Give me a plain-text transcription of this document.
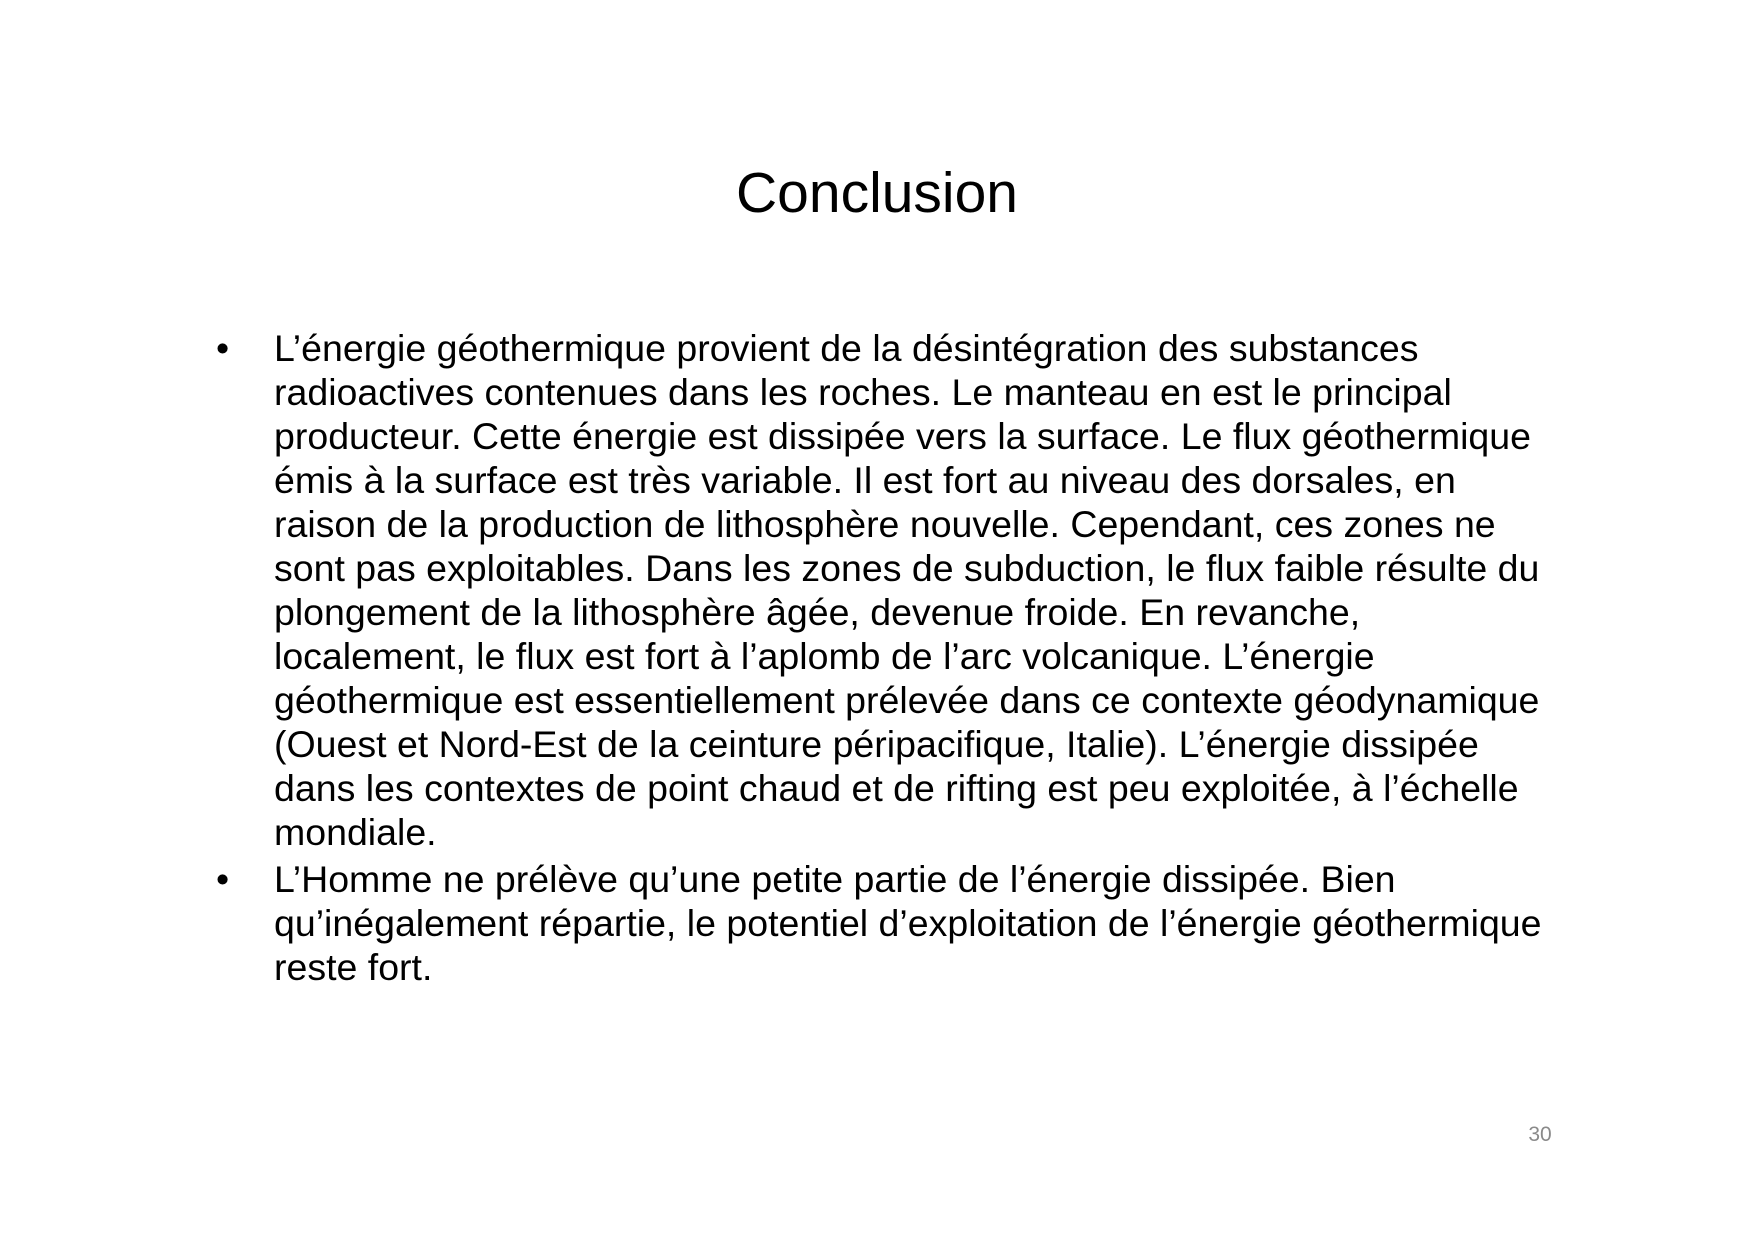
Conclusion
•	L’énergie géothermique provient de la désintégration des substances radioactives contenues dans les roches. Le manteau en est le principal producteur. Cette énergie est dissipée vers la surface. Le flux géothermique émis à la surface est très variable. Il est fort au niveau des dorsales, en raison de la production de lithosphère nouvelle. Cependant, ces zones ne sont pas exploitables. Dans les zones de subduction, le flux faible résulte du plongement de la lithosphère âgée, devenue froide. En revanche, localement, le flux est fort à l’aplomb de l’arc volcanique. L’énergie géothermique est essentiellement prélevée dans ce contexte géodynamique (Ouest et Nord-Est de la ceinture péripacifique, Italie). L’énergie dissipée dans les contextes de point chaud et de rifting est peu exploitée, à l’échelle mondiale.
•	L’Homme ne prélève qu’une petite partie de l’énergie dissipée. Bien qu’inégalement répartie, le potentiel d’exploitation de l’énergie géothermique reste fort.
30
